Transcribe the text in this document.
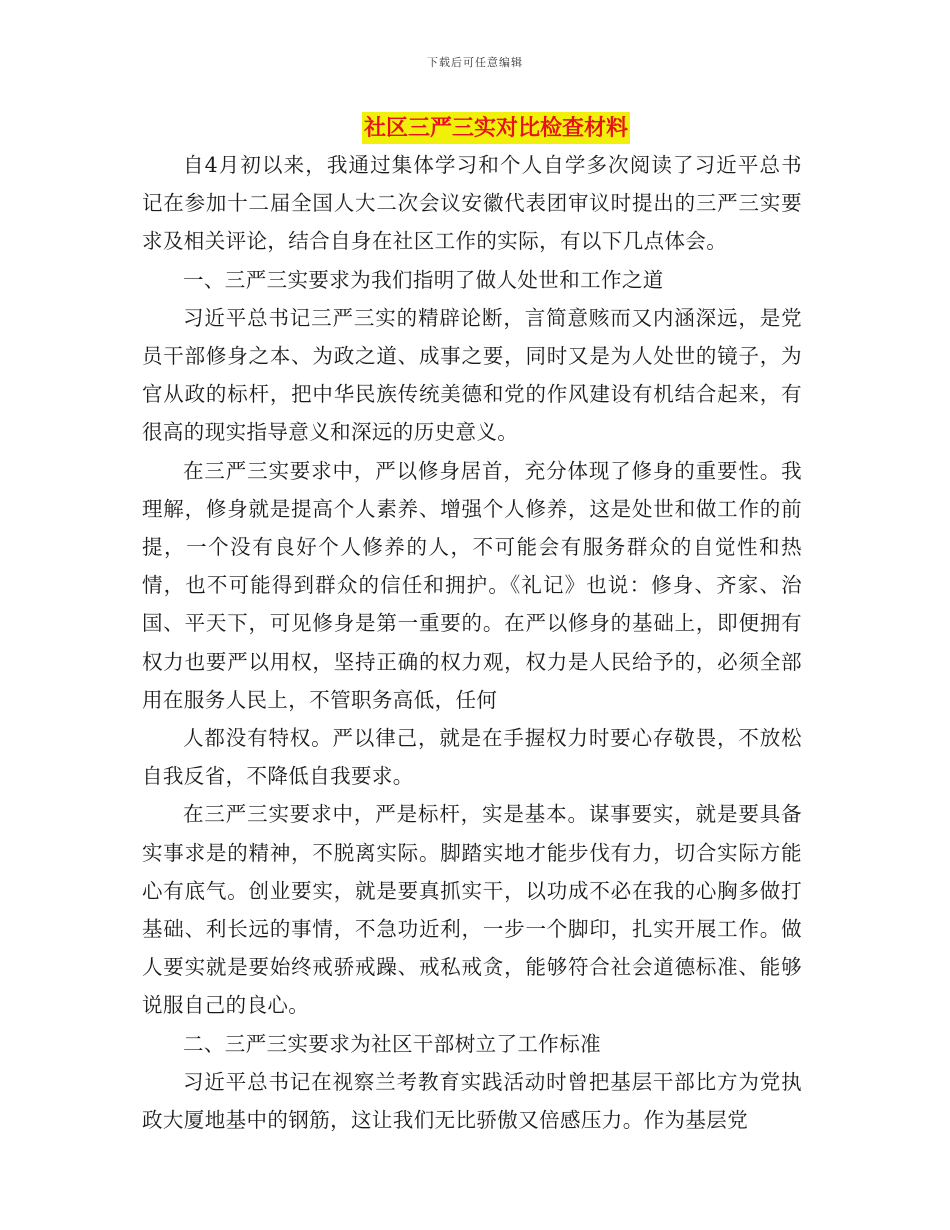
下载后可任意编辑
社区三严三实对比检查材料

自4月初以来，我通过集体学习和个人自学多次阅读了习近平总书记在参加十二届全国人大二次会议安徽代表团审议时提出的三严三实要求及相关评论，结合自身在社区工作的实际，有以下几点体会。

一、三严三实要求为我们指明了做人处世和工作之道

习近平总书记三严三实的精辟论断，言简意赅而又内涵深远，是党员干部修身之本、为政之道、成事之要，同时又是为人处世的镜子，为官从政的标杆，把中华民族传统美德和党的作风建设有机结合起来，有很高的现实指导意义和深远的历史意义。

在三严三实要求中，严以修身居首，充分体现了修身的重要性。我理解，修身就是提高个人素养、增强个人修养，这是处世和做工作的前提，一个没有良好个人修养的人，不可能会有服务群众的自觉性和热情，也不可能得到群众的信任和拥护。《礼记》也说：修身、齐家、治国、平天下，可见修身是第一重要的。在严以修身的基础上，即便拥有权力也要严以用权，坚持正确的权力观，权力是人民给予的，必须全部用在服务人民上，不管职务高低，任何

人都没有特权。严以律己，就是在手握权力时要心存敬畏，不放松自我反省，不降低自我要求。

在三严三实要求中，严是标杆，实是基本。谋事要实，就是要具备实事求是的精神，不脱离实际。脚踏实地才能步伐有力，切合实际方能心有底气。创业要实，就是要真抓实干，以功成不必在我的心胸多做打基础、利长远的事情，不急功近利，一步一个脚印，扎实开展工作。做人要实就是要始终戒骄戒躁、戒私戒贪，能够符合社会道德标准、能够说服自己的良心。

二、三严三实要求为社区干部树立了工作标准

习近平总书记在视察兰考教育实践活动时曾把基层干部比方为党执政大厦地基中的钢筋，这让我们无比骄傲又倍感压力。作为基层党
